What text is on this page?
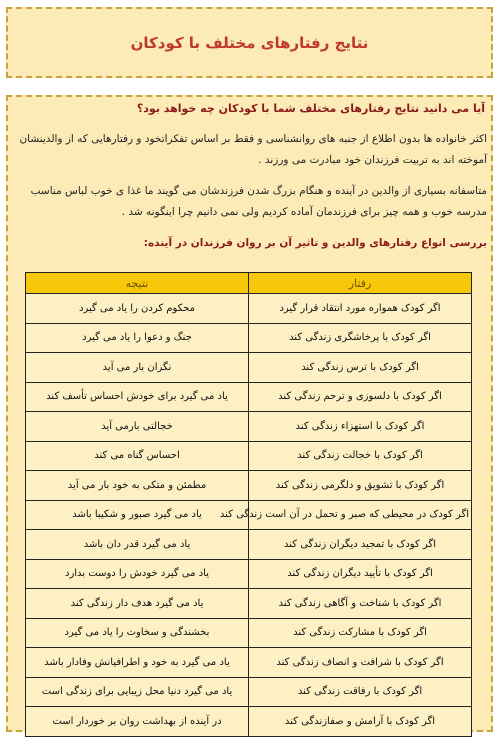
نتایج رفتارهای مختلف با کودکان
آیا می دانید نتایج رفتارهای مختلف شما با کودکان چه خواهد بود؟

اکثر خانواده ها بدون اطلاع از جنبه های روانشناسی و فقط بر اساس تفکراتخود و رفتارهایی که از والدینشان آموخته اند به تربیت فرزندان خود مبادرت می ورزند .

متاسفانه بسیاری از والدین در آینده و هنگام بزرگ شدن فرزندشان می گویند ما غذا ی خوب لباس مناسب مدرسه خوب و همه چیز برای فرزندمان آماده کردیم ولی نمی دانیم چرا اینگونه شد .

بررسی انواع رفتارهای والدین و تاثیر آن بر روان فرزندان در آینده:
رفتار	نتیجه
اگر کودک همواره مورد انتقاد قرار گیرد	محکوم کردن را یاد می گیرد
اگر کودک با پرخاشگری زندگی کند	جنگ و دعوا را یاد می گیرد
اگر کودک با ترس زندگی کند	نگران بار می آید
اگر کودک با دلسوزی و ترحم زندگی کند	یاد می گیرد برای خودش احساس تأسف کند
اگر کودک با استهزاء زندگی کند	خجالتی بارمی آید
اگر کودک با خجالت زندگی کند	احساس گناه می کند
اگر کودک با تشویق و دلگرمی زندگی کند	مطمئن و متکی به خود بار می آید
اگر کودک در محیطی که صبر و تحمل در آن است زندگی کند	یاد می گیرد صبور و شکیبا باشد
اگر کودک با تمجید دیگران زندگی کند	یاد می گیرد قدر دان باشد
اگر کودک با تأیید دیگران زندگی کند	یاد می گیرد خودش را دوست بدارد
اگر کودک با شناخت و آگاهی زندگی کند	یاد می گیرد هدف دار زندگی کند
اگر کودک با مشارکت زندگی کند	بخشندگی و سخاوت را یاد می گیرد
اگر کودک با شرافت و انصاف زندگی کند	یاد می گیرد به خود و اطرافیانش وفادار باشد
اگر کودک با رفاقت زندگی کند	یاد می گیرد دنیا محل زیبایی برای زندگی است
اگر کودک با آرامش و صفازندگی کند	در آینده از بهداشت روان بر خوردار است
